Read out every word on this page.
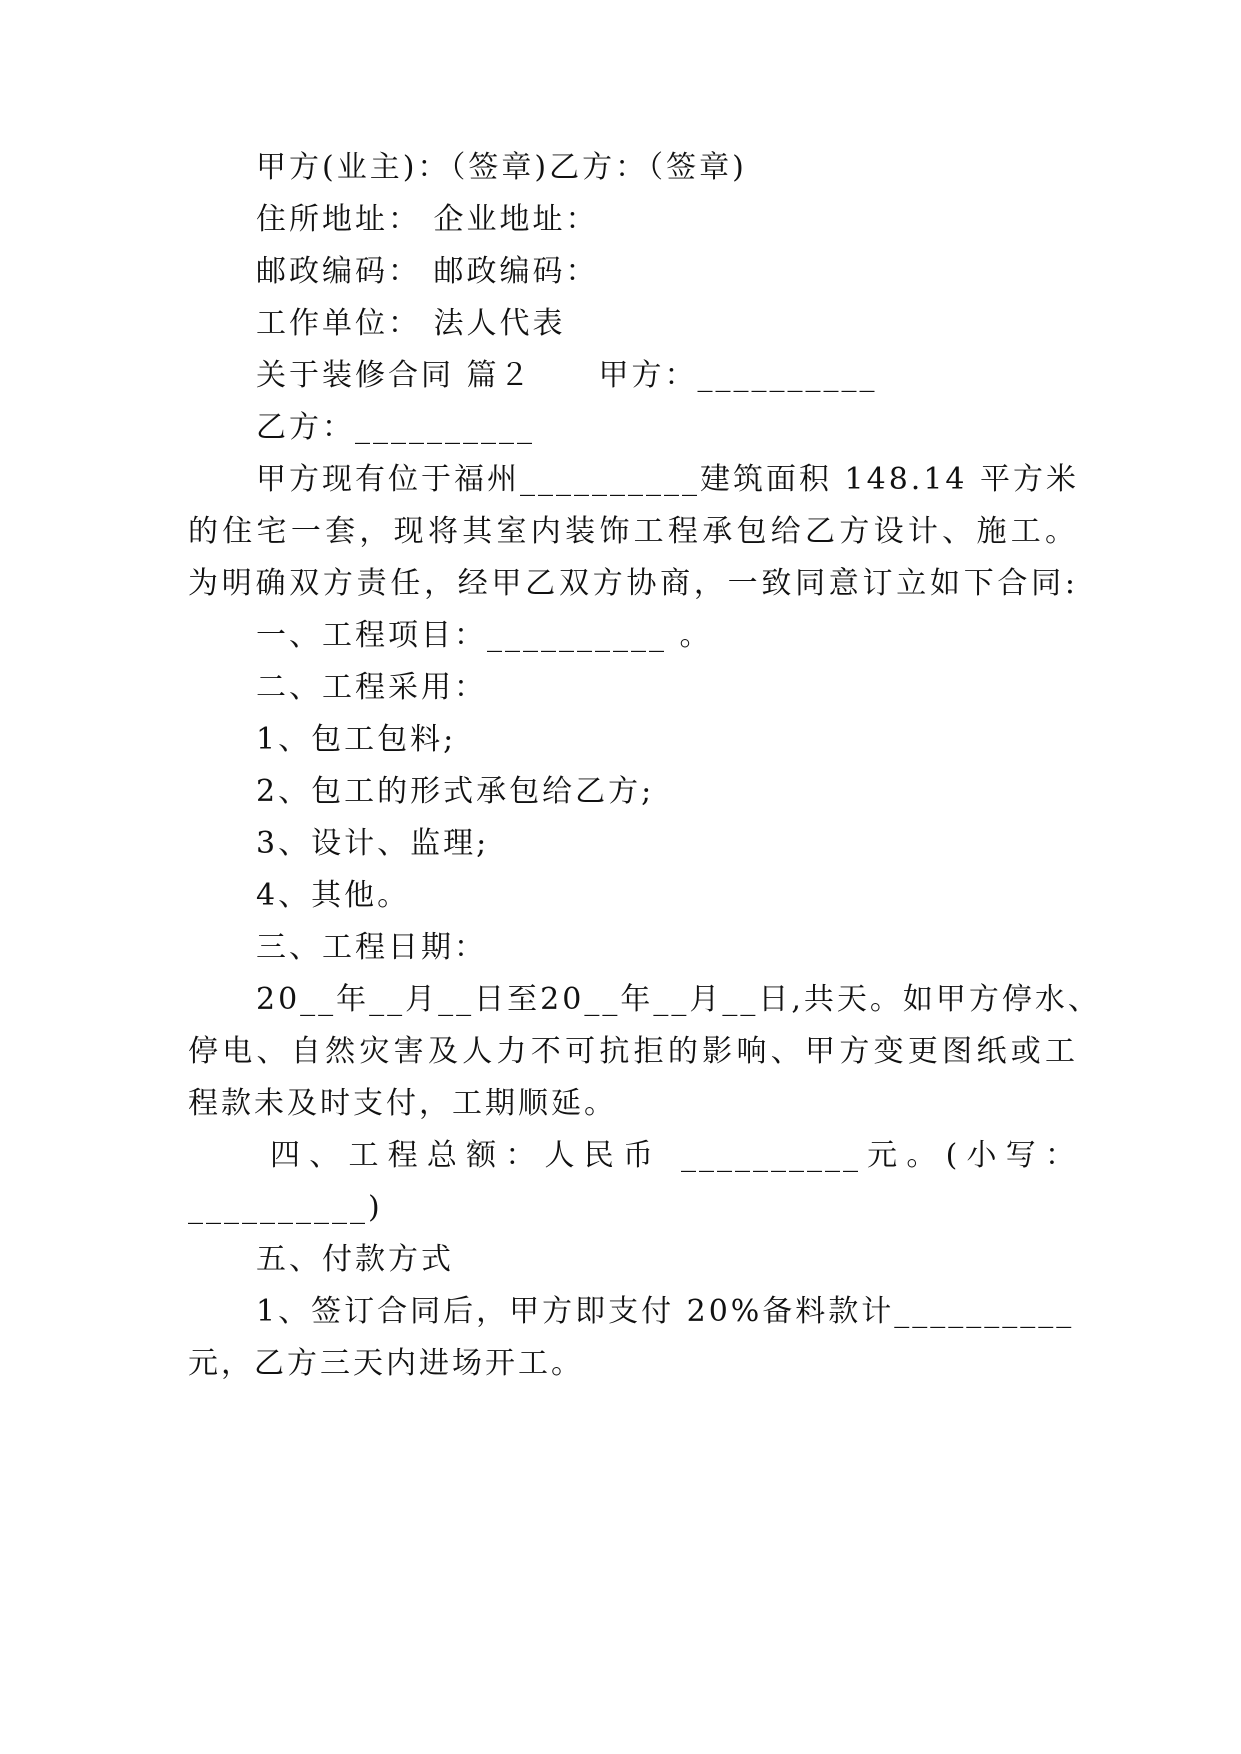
甲方(业主)：（签章)乙方：（签章)
住所地址： 企业地址：
邮政编码： 邮政编码：
工作单位： 法人代表
关于装修合同 篇２　　甲方：__________
乙方：__________
甲方现有位于福州__________建筑面积 148.14 平方米
的住宅一套，现将其室内装饰工程承包给乙方设计、施工。
为明确双方责任，经甲乙双方协商，一致同意订立如下合同:
一、工程项目：__________ 。
二、工程采用：
1、包工包料;
2、包工的形式承包给乙方;
3、设计、监理;
4、其他。
三、工程日期：
20__年__月__日至20__年__月__日,共天。如甲方停水、
停电、自然灾害及人力不可抗拒的影响、甲方变更图纸或工
程款未及时支付，工期顺延。
四、工程总额：人民币 __________元。(小写：
__________)
五、付款方式
1、签订合同后，甲方即支付 20%备料款计__________
元，乙方三天内进场开工。
